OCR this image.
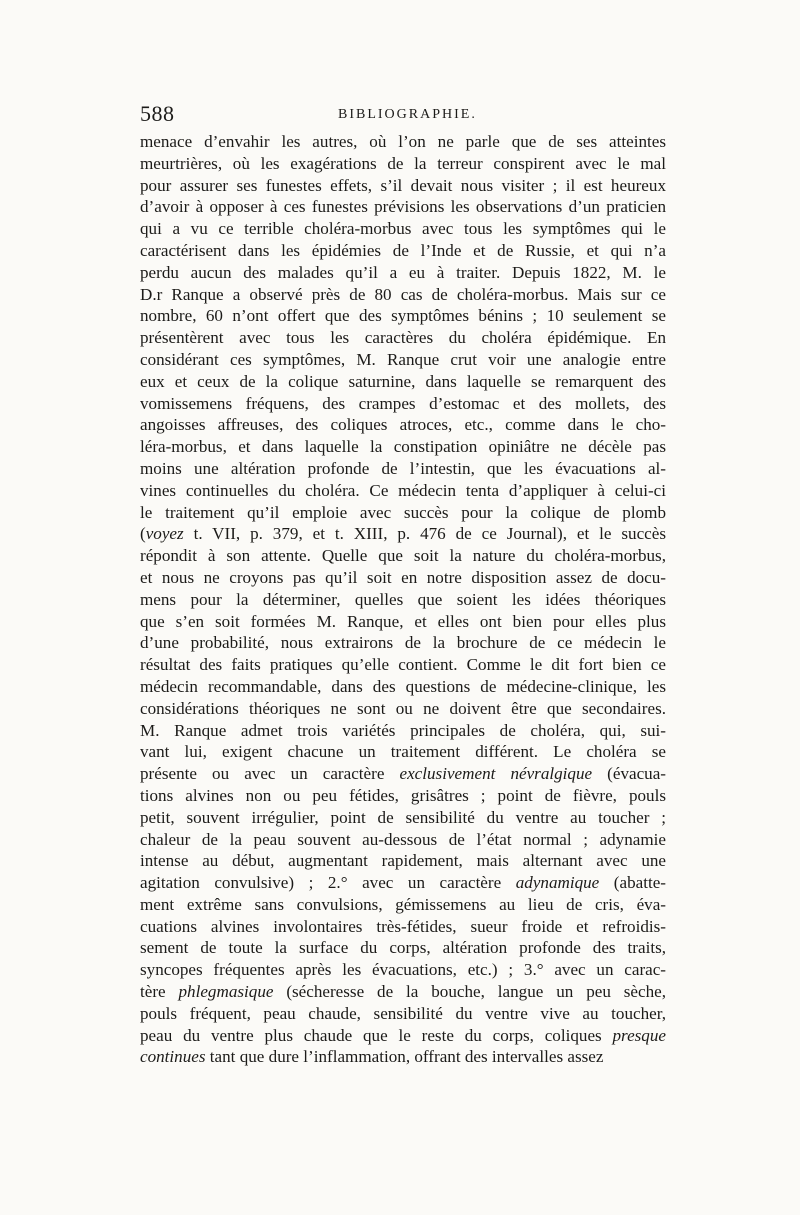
588	BIBLIOGRAPHIE.
menace d’envahir les autres, où l’on ne parle que de ses atteintes
meurtrières, où les exagérations de la terreur conspirent avec le mal
pour assurer ses funestes effets, s’il devait nous visiter ; il est heureux
d’avoir à opposer à ces funestes prévisions les observations d’un praticien
qui a vu ce terrible choléra-morbus avec tous les symptômes qui le
caractérisent dans les épidémies de l’Inde et de Russie, et qui n’a
perdu aucun des malades qu’il a eu à traiter. Depuis 1822, M. le
D.r Ranque a observé près de 80 cas de choléra-morbus. Mais sur ce
nombre, 60 n’ont offert que des symptômes bénins ; 10 seulement se
présentèrent avec tous les caractères du choléra épidémique. En
considérant ces symptômes, M. Ranque crut voir une analogie entre
eux et ceux de la colique saturnine, dans laquelle se remarquent des
vomissemens fréquens, des crampes d’estomac et des mollets, des
angoisses affreuses, des coliques atroces, etc., comme dans le cho-
léra-morbus, et dans laquelle la constipation opiniâtre ne décèle pas
moins une altération profonde de l’intestin, que les évacuations al-
vines continuelles du choléra. Ce médecin tenta d’appliquer à celui-ci
le traitement qu’il emploie avec succès pour la colique de plomb
(voyez t. VII, p. 379, et t. XIII, p. 476 de ce Journal), et le succès
répondit à son attente. Quelle que soit la nature du choléra-morbus,
et nous ne croyons pas qu’il soit en notre disposition assez de docu-
mens pour la déterminer, quelles que soient les idées théoriques
que s’en soit formées M. Ranque, et elles ont bien pour elles plus
d’une probabilité, nous extrairons de la brochure de ce médecin le
résultat des faits pratiques qu’elle contient. Comme le dit fort bien ce
médecin recommandable, dans des questions de médecine-clinique, les
considérations théoriques ne sont ou ne doivent être que secondaires.
M. Ranque admet trois variétés principales de choléra, qui, sui-
vant lui, exigent chacune un traitement différent. Le choléra se
présente ou avec un caractère exclusivement névralgique (évacua-
tions alvines non ou peu fétides, grisâtres ; point de fièvre, pouls
petit, souvent irrégulier, point de sensibilité du ventre au toucher ;
chaleur de la peau souvent au-dessous de l’état normal ; adynamie
intense au début, augmentant rapidement, mais alternant avec une
agitation convulsive) ; 2.° avec un caractère adynamique (abatte-
ment extrême sans convulsions, gémissemens au lieu de cris, éva-
cuations alvines involontaires très-fétides, sueur froide et refroidis-
sement de toute la surface du corps, altération profonde des traits,
syncopes fréquentes après les évacuations, etc.) ; 3.° avec un carac-
tère phlegmasique (sécheresse de la bouche, langue un peu sèche,
pouls fréquent, peau chaude, sensibilité du ventre vive au toucher,
peau du ventre plus chaude que le reste du corps, coliques presque
continues tant que dure l’inflammation, offrant des intervalles assez
